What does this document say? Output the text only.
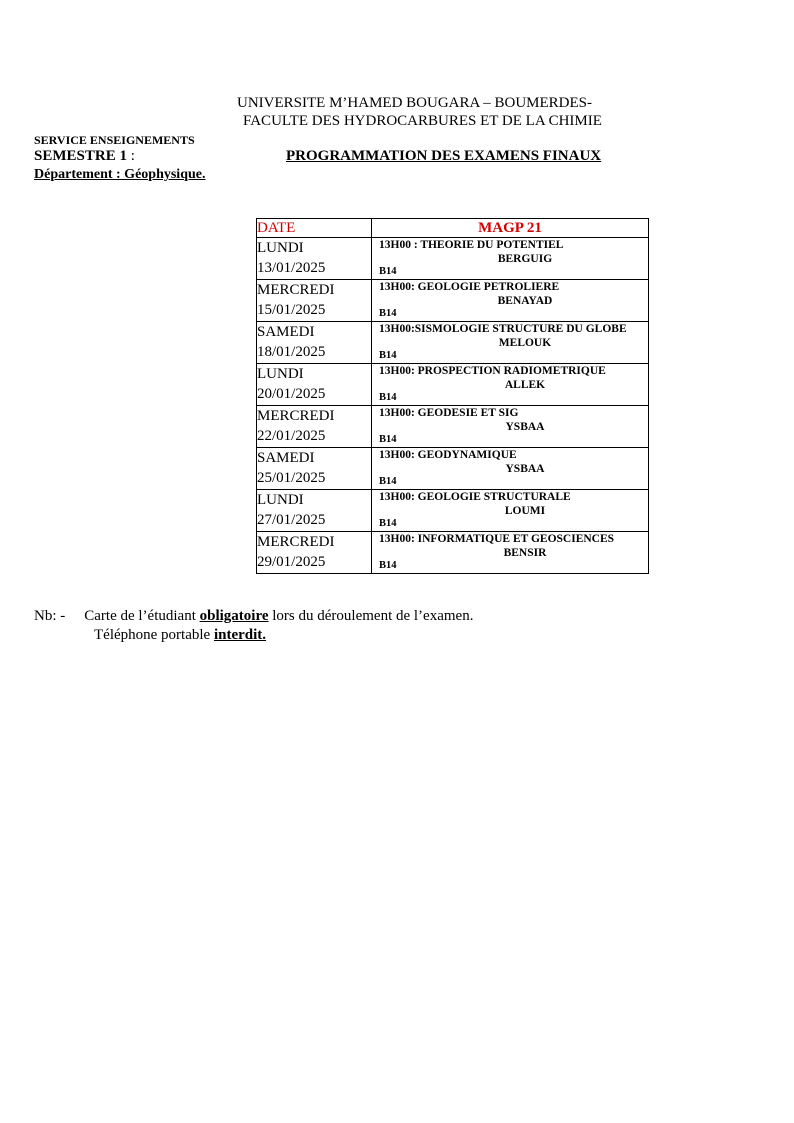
UNIVERSITE M’HAMED BOUGARA – BOUMERDES-
FACULTE DES HYDROCARBURES ET DE LA CHIMIE
SERVICE ENSEIGNEMENTS
SEMESTRE 1 :	PROGRAMMATION DES EXAMENS FINAUX
Département : Géophysique.
DATE	MAGP 21

LUNDI
13/01/2025	13H00 : THEORIE DU POTENTIEL
BERGUIG
B14

MERCREDI
15/01/2025	13H00: GEOLOGIE PETROLIERE
BENAYAD
B14

SAMEDI
18/01/2025	13H00:SISMOLOGIE STRUCTURE DU GLOBE
MELOUK
B14

LUNDI
20/01/2025	13H00: PROSPECTION RADIOMETRIQUE
ALLEK
B14

MERCREDI
22/01/2025	13H00: GEODESIE ET SIG
YSBAA
B14

SAMEDI
25/01/2025	13H00: GEODYNAMIQUE
YSBAA
B14

LUNDI
27/01/2025	13H00: GEOLOGIE STRUCTURALE
LOUMI
B14

MERCREDI
29/01/2025	13H00: INFORMATIQUE ET GEOSCIENCES
BENSIR
B14
Nb: - Carte de l’étudiant obligatoire lors du déroulement de l’examen.
Téléphone portable interdit.
